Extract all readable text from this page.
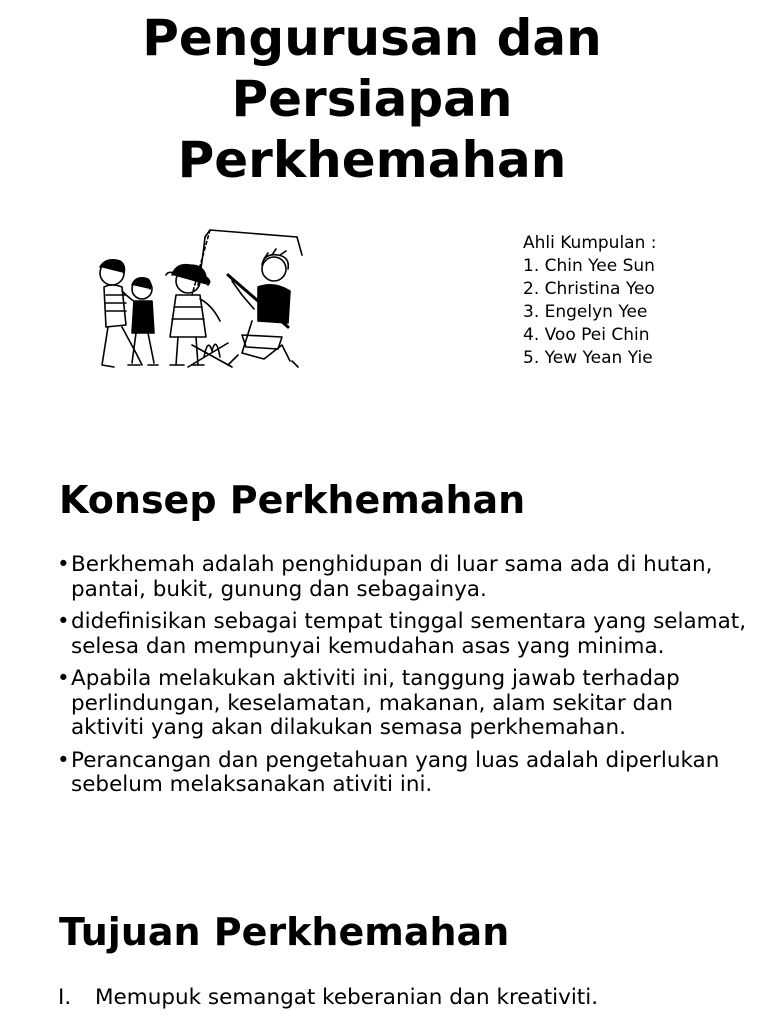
Pengurusan dan
Persiapan
Perkhemahan
Ahli Kumpulan :
1. Chin Yee Sun
2. Christina Yeo
3. Engelyn Yee
4. Voo Pei Chin
5. Yew Yean Yie
Konsep Perkhemahan
• Berkhemah adalah penghidupan di luar sama ada di hutan, pantai, bukit, gunung dan sebagainya.
• didefinisikan sebagai tempat tinggal sementara yang selamat, selesa dan mempunyai kemudahan asas yang minima.
• Apabila melakukan aktiviti ini, tanggung jawab terhadap perlindungan, keselamatan, makanan, alam sekitar dan aktiviti yang akan dilakukan semasa perkhemahan.
• Perancangan dan pengetahuan yang luas adalah diperlukan sebelum melaksanakan ativiti ini.
Tujuan Perkhemahan
I. Memupuk semangat keberanian dan kreativiti.
